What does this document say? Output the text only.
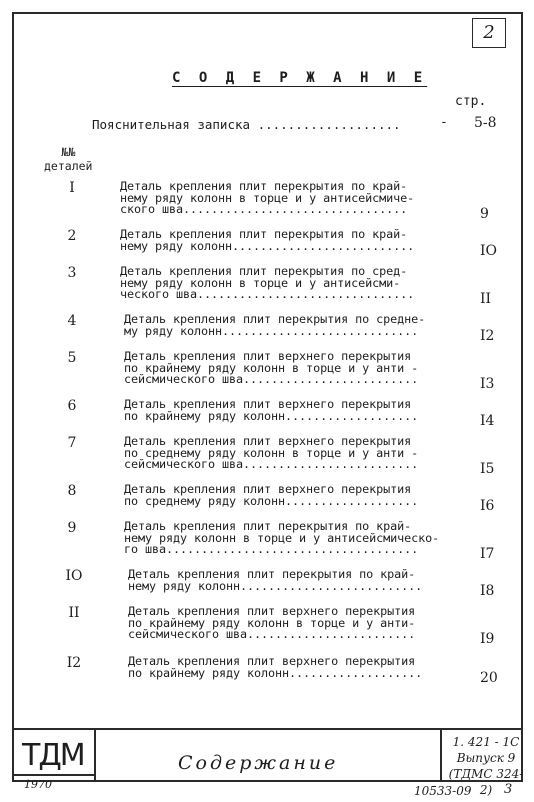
2
С О Д Е Р Ж А Н И Е
стр.
Пояснительная записка ...................	- 5-8
№№
деталей
I	Деталь крепления плит перекрытия по край-
нему ряду колонн в торце и у антисейсмиче-
ского шва................................	9
2	Деталь крепления плит перекрытия по край-
нему ряду колонн..........................	IO
3	Деталь крепления плит перекрытия по сред-
нему ряду колонн в торце и у антисейсми-
ческого шва...............................	II
4	Деталь крепления плит перекрытия по средне-
му ряду колонн............................	I2
5	Деталь крепления плит верхнего перекрытия
по крайнему ряду колонн в торце и у анти -
сейсмического шва.........................	I3
6	Деталь крепления плит верхнего перекрытия
по крайнему ряду колонн...................	I4
7	Деталь крепления плит верхнего перекрытия
по среднему ряду колонн в торце и у анти -
сейсмического шва.........................	I5
8	Деталь крепления плит верхнего перекрытия
по среднему ряду колонн...................	I6
9	Деталь крепления плит перекрытия по край-
нему ряду колонн в торце и у антисейсмическо-
го шва....................................	I7
IO	Деталь крепления плит перекрытия по край-
нему ряду колонн..........................	I8
II	Деталь крепления плит верхнего перекрытия
по крайнему ряду колонн в торце и у анти-
сейсмического шва........................	I9
I2	Деталь крепления плит верхнего перекрытия
по крайнему ряду колонн...................	20
ТДМ
1970
Содержание
1. 421 - 1С
Выпуск 9
(ТДМС 324-2)
10533-09	3
